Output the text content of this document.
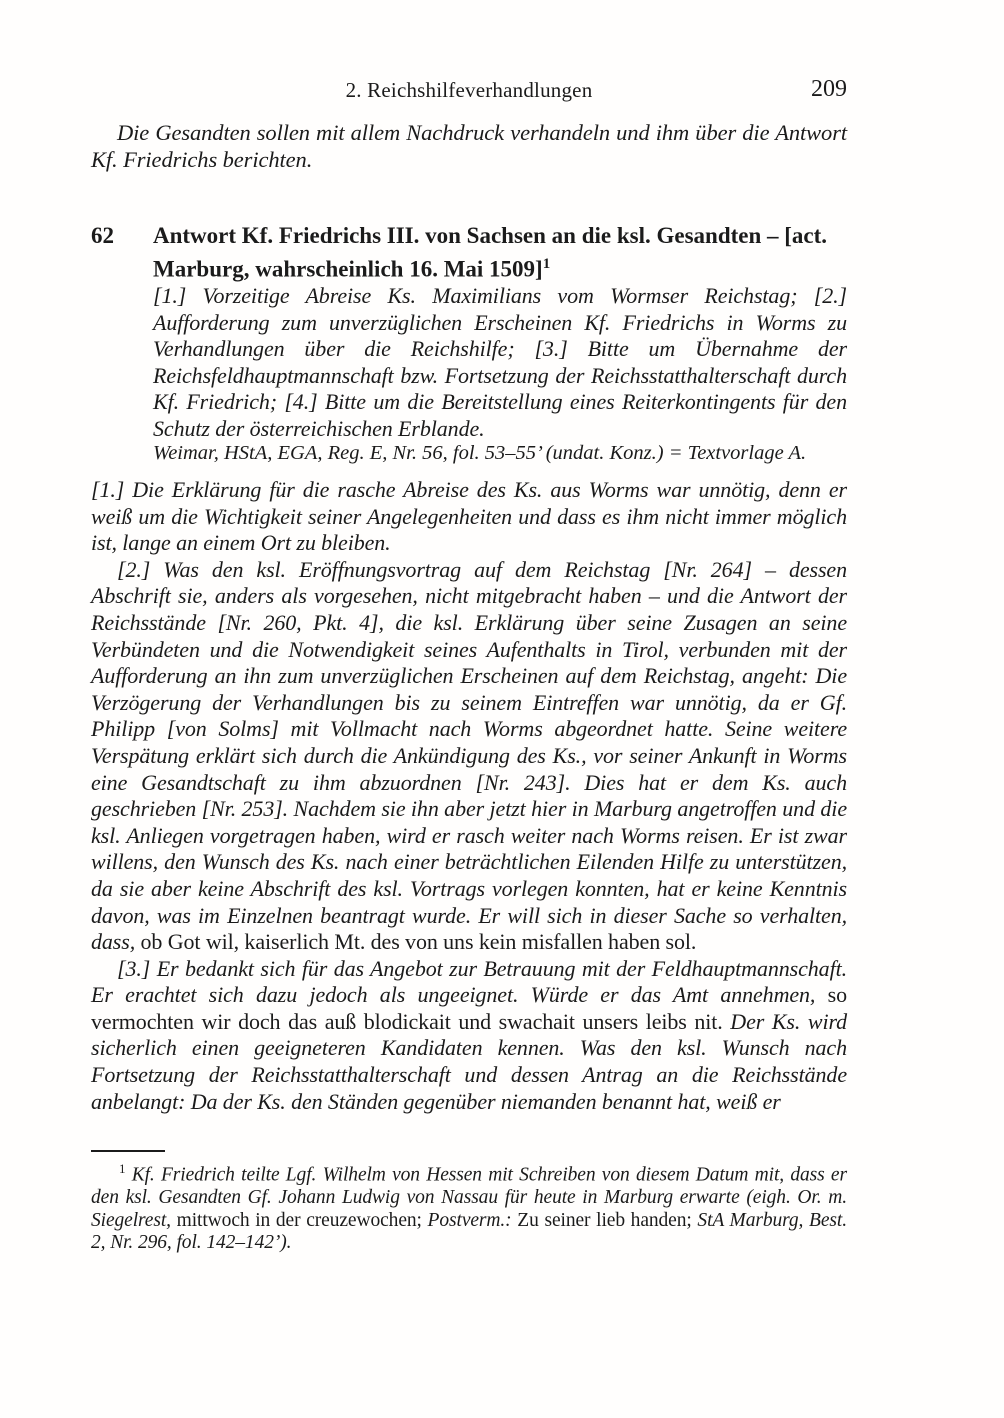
2. Reichshilfeverhandlungen	209

Die Gesandten sollen mit allem Nachdruck verhandeln und ihm über die Antwort Kf. Friedrichs berichten.

62	Antwort Kf. Friedrichs III. von Sachsen an die ksl. Gesandten – [act. Marburg, wahrscheinlich 16. Mai 1509]$^1$

[1.] Vorzeitige Abreise Ks. Maximilians vom Wormser Reichstag; [2.] Aufforderung zum unverzüglichen Erscheinen Kf. Friedrichs in Worms zu Verhandlungen über die Reichshilfe; [3.] Bitte um Übernahme der Reichsfeldhauptmannschaft bzw. Fortsetzung der Reichsstatthalterschaft durch Kf. Friedrich; [4.] Bitte um die Bereitstellung eines Reiterkontingents für den Schutz der österreichischen Erblande.

Weimar, HStA, EGA, Reg. E, Nr. 56, fol. 53–55’ (undat. Konz.) = Textvorlage A.

[1.] Die Erklärung für die rasche Abreise des Ks. aus Worms war unnötig, denn er weiß um die Wichtigkeit seiner Angelegenheiten und dass es ihm nicht immer möglich ist, lange an einem Ort zu bleiben.

[2.] Was den ksl. Eröffnungsvortrag auf dem Reichstag [Nr. 264] – dessen Abschrift sie, anders als vorgesehen, nicht mitgebracht haben – und die Antwort der Reichsstände [Nr. 260, Pkt. 4], die ksl. Erklärung über seine Zusagen an seine Verbündeten und die Notwendigkeit seines Aufenthalts in Tirol, verbunden mit der Aufforderung an ihn zum unverzüglichen Erscheinen auf dem Reichstag, angeht: Die Verzögerung der Verhandlungen bis zu seinem Eintreffen war unnötig, da er Gf. Philipp [von Solms] mit Vollmacht nach Worms abgeordnet hatte. Seine weitere Verspätung erklärt sich durch die Ankündigung des Ks., vor seiner Ankunft in Worms eine Gesandtschaft zu ihm abzuordnen [Nr. 243]. Dies hat er dem Ks. auch geschrieben [Nr. 253]. Nachdem sie ihn aber jetzt hier in Marburg angetroffen und die ksl. Anliegen vorgetragen haben, wird er rasch weiter nach Worms reisen. Er ist zwar willens, den Wunsch des Ks. nach einer beträchtlichen Eilenden Hilfe zu unterstützen, da sie aber keine Abschrift des ksl. Vortrags vorlegen konnten, hat er keine Kenntnis davon, was im Einzelnen beantragt wurde. Er will sich in dieser Sache so verhalten, dass, ob Got wil, kaiserlich Mt. des von uns kein misfallen haben sol.

[3.] Er bedankt sich für das Angebot zur Betrauung mit der Feldhauptmannschaft. Er erachtet sich dazu jedoch als ungeeignet. Würde er das Amt annehmen, so vermochten wir doch das auß blodickait und swachait unsers leibs nit. Der Ks. wird sicherlich einen geeigneteren Kandidaten kennen. Was den ksl. Wunsch nach Fortsetzung der Reichsstatthalterschaft und dessen Antrag an die Reichsstände anbelangt: Da der Ks. den Ständen gegenüber niemanden benannt hat, weiß er

$^1$ Kf. Friedrich teilte Lgf. Wilhelm von Hessen mit Schreiben von diesem Datum mit, dass er den ksl. Gesandten Gf. Johann Ludwig von Nassau für heute in Marburg erwarte (eigh. Or. m. Siegelrest, mittwoch in der creuzewochen; Postverm.: Zu seiner lieb handen; StA Marburg, Best. 2, Nr. 296, fol. 142–142’).
